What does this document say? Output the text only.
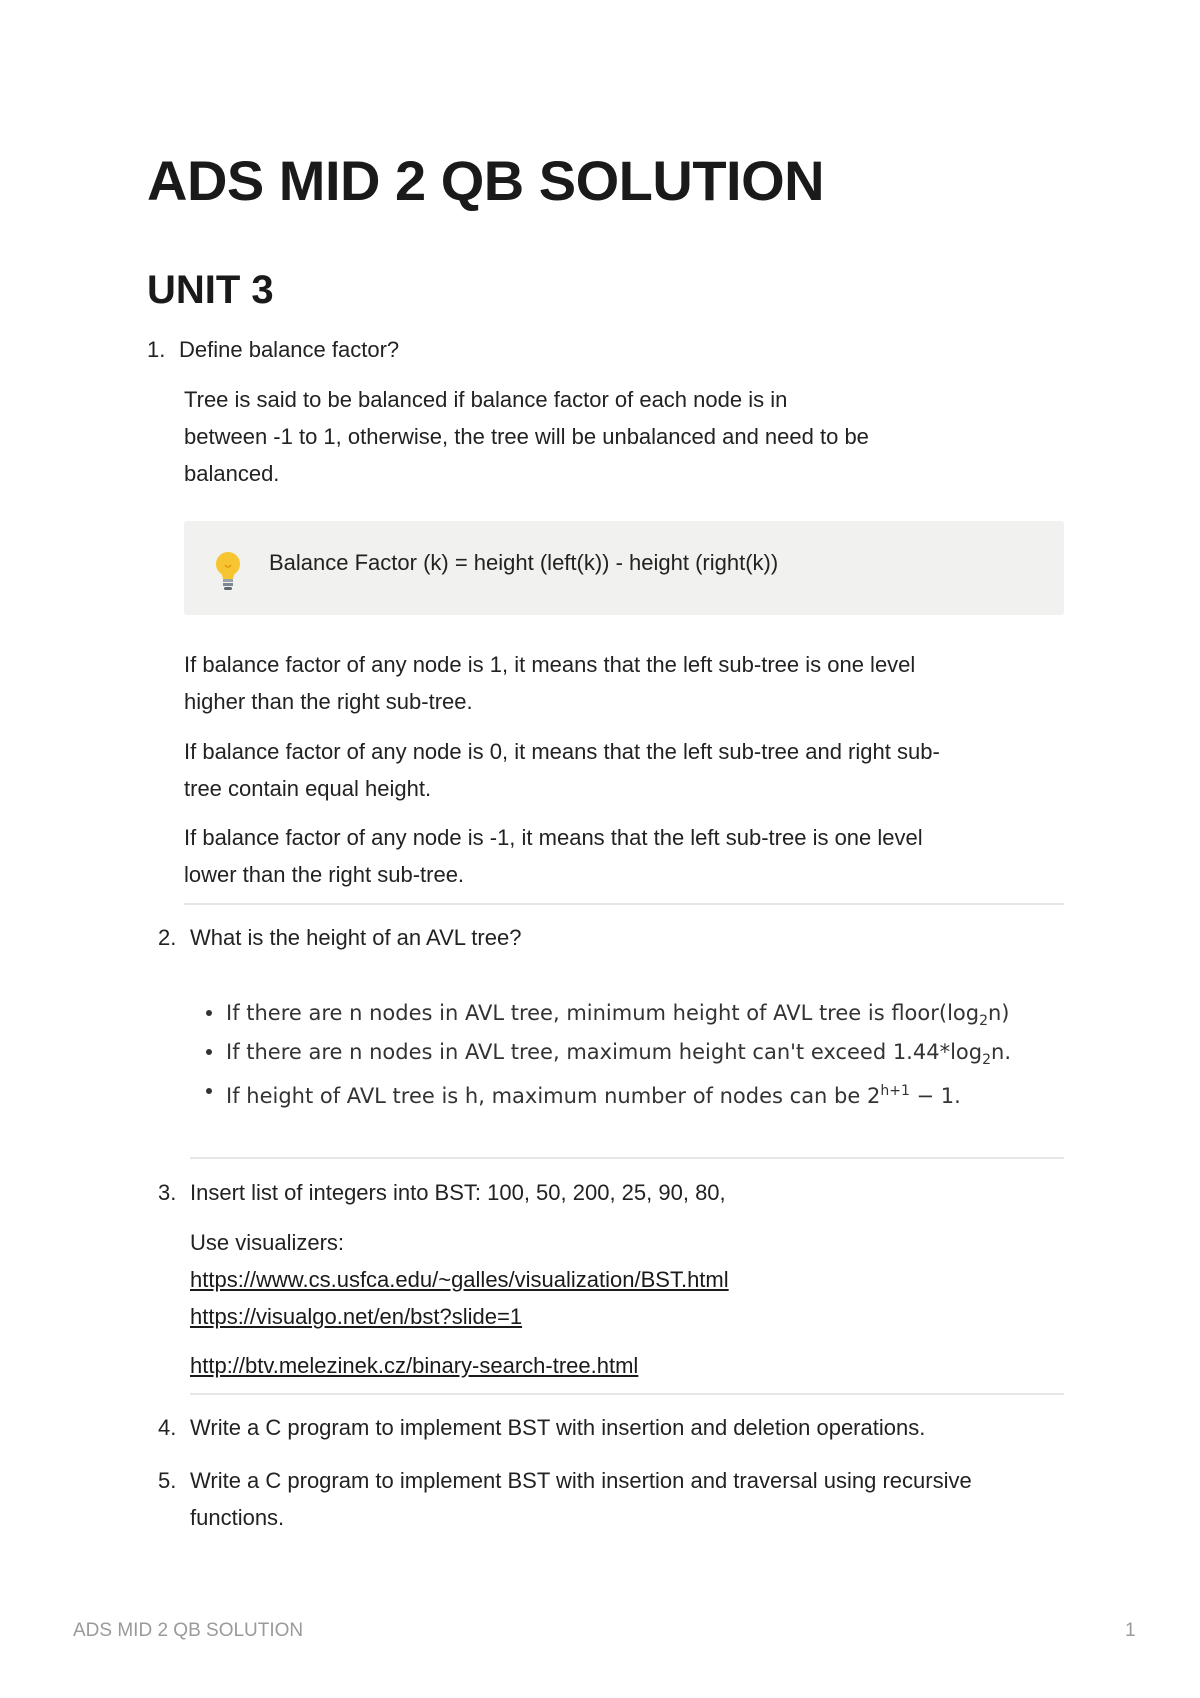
ADS MID 2 QB SOLUTION
UNIT 3
1. Define balance factor?
Tree is said to be balanced if balance factor of each node is in
between -1 to 1, otherwise, the tree will be unbalanced and need to be
balanced.
Balance Factor (k) = height (left(k)) - height (right(k))
If balance factor of any node is 1, it means that the left sub-tree is one level
higher than the right sub-tree.
If balance factor of any node is 0, it means that the left sub-tree and right sub-
tree contain equal height.
If balance factor of any node is -1, it means that the left sub-tree is one level
lower than the right sub-tree.
2. What is the height of an AVL tree?
If there are n nodes in AVL tree, minimum height of AVL tree is $floor(\log_2n)$
If there are n nodes in AVL tree, maximum height can't exceed $1.44*\log_2n$.
If height of AVL tree is h, maximum number of nodes can be $2^{h+1} - 1$.
3. Insert list of integers into BST: 100, 50, 200, 25, 90, 80,
Use visualizers:
https://www.cs.usfca.edu/~galles/visualization/BST.html
https://visualgo.net/en/bst?slide=1
http://btv.melezinek.cz/binary-search-tree.html
4. Write a C program to implement BST with insertion and deletion operations.
5. Write a C program to implement BST with insertion and traversal using recursive
functions.
ADS MID 2 QB SOLUTION	1
